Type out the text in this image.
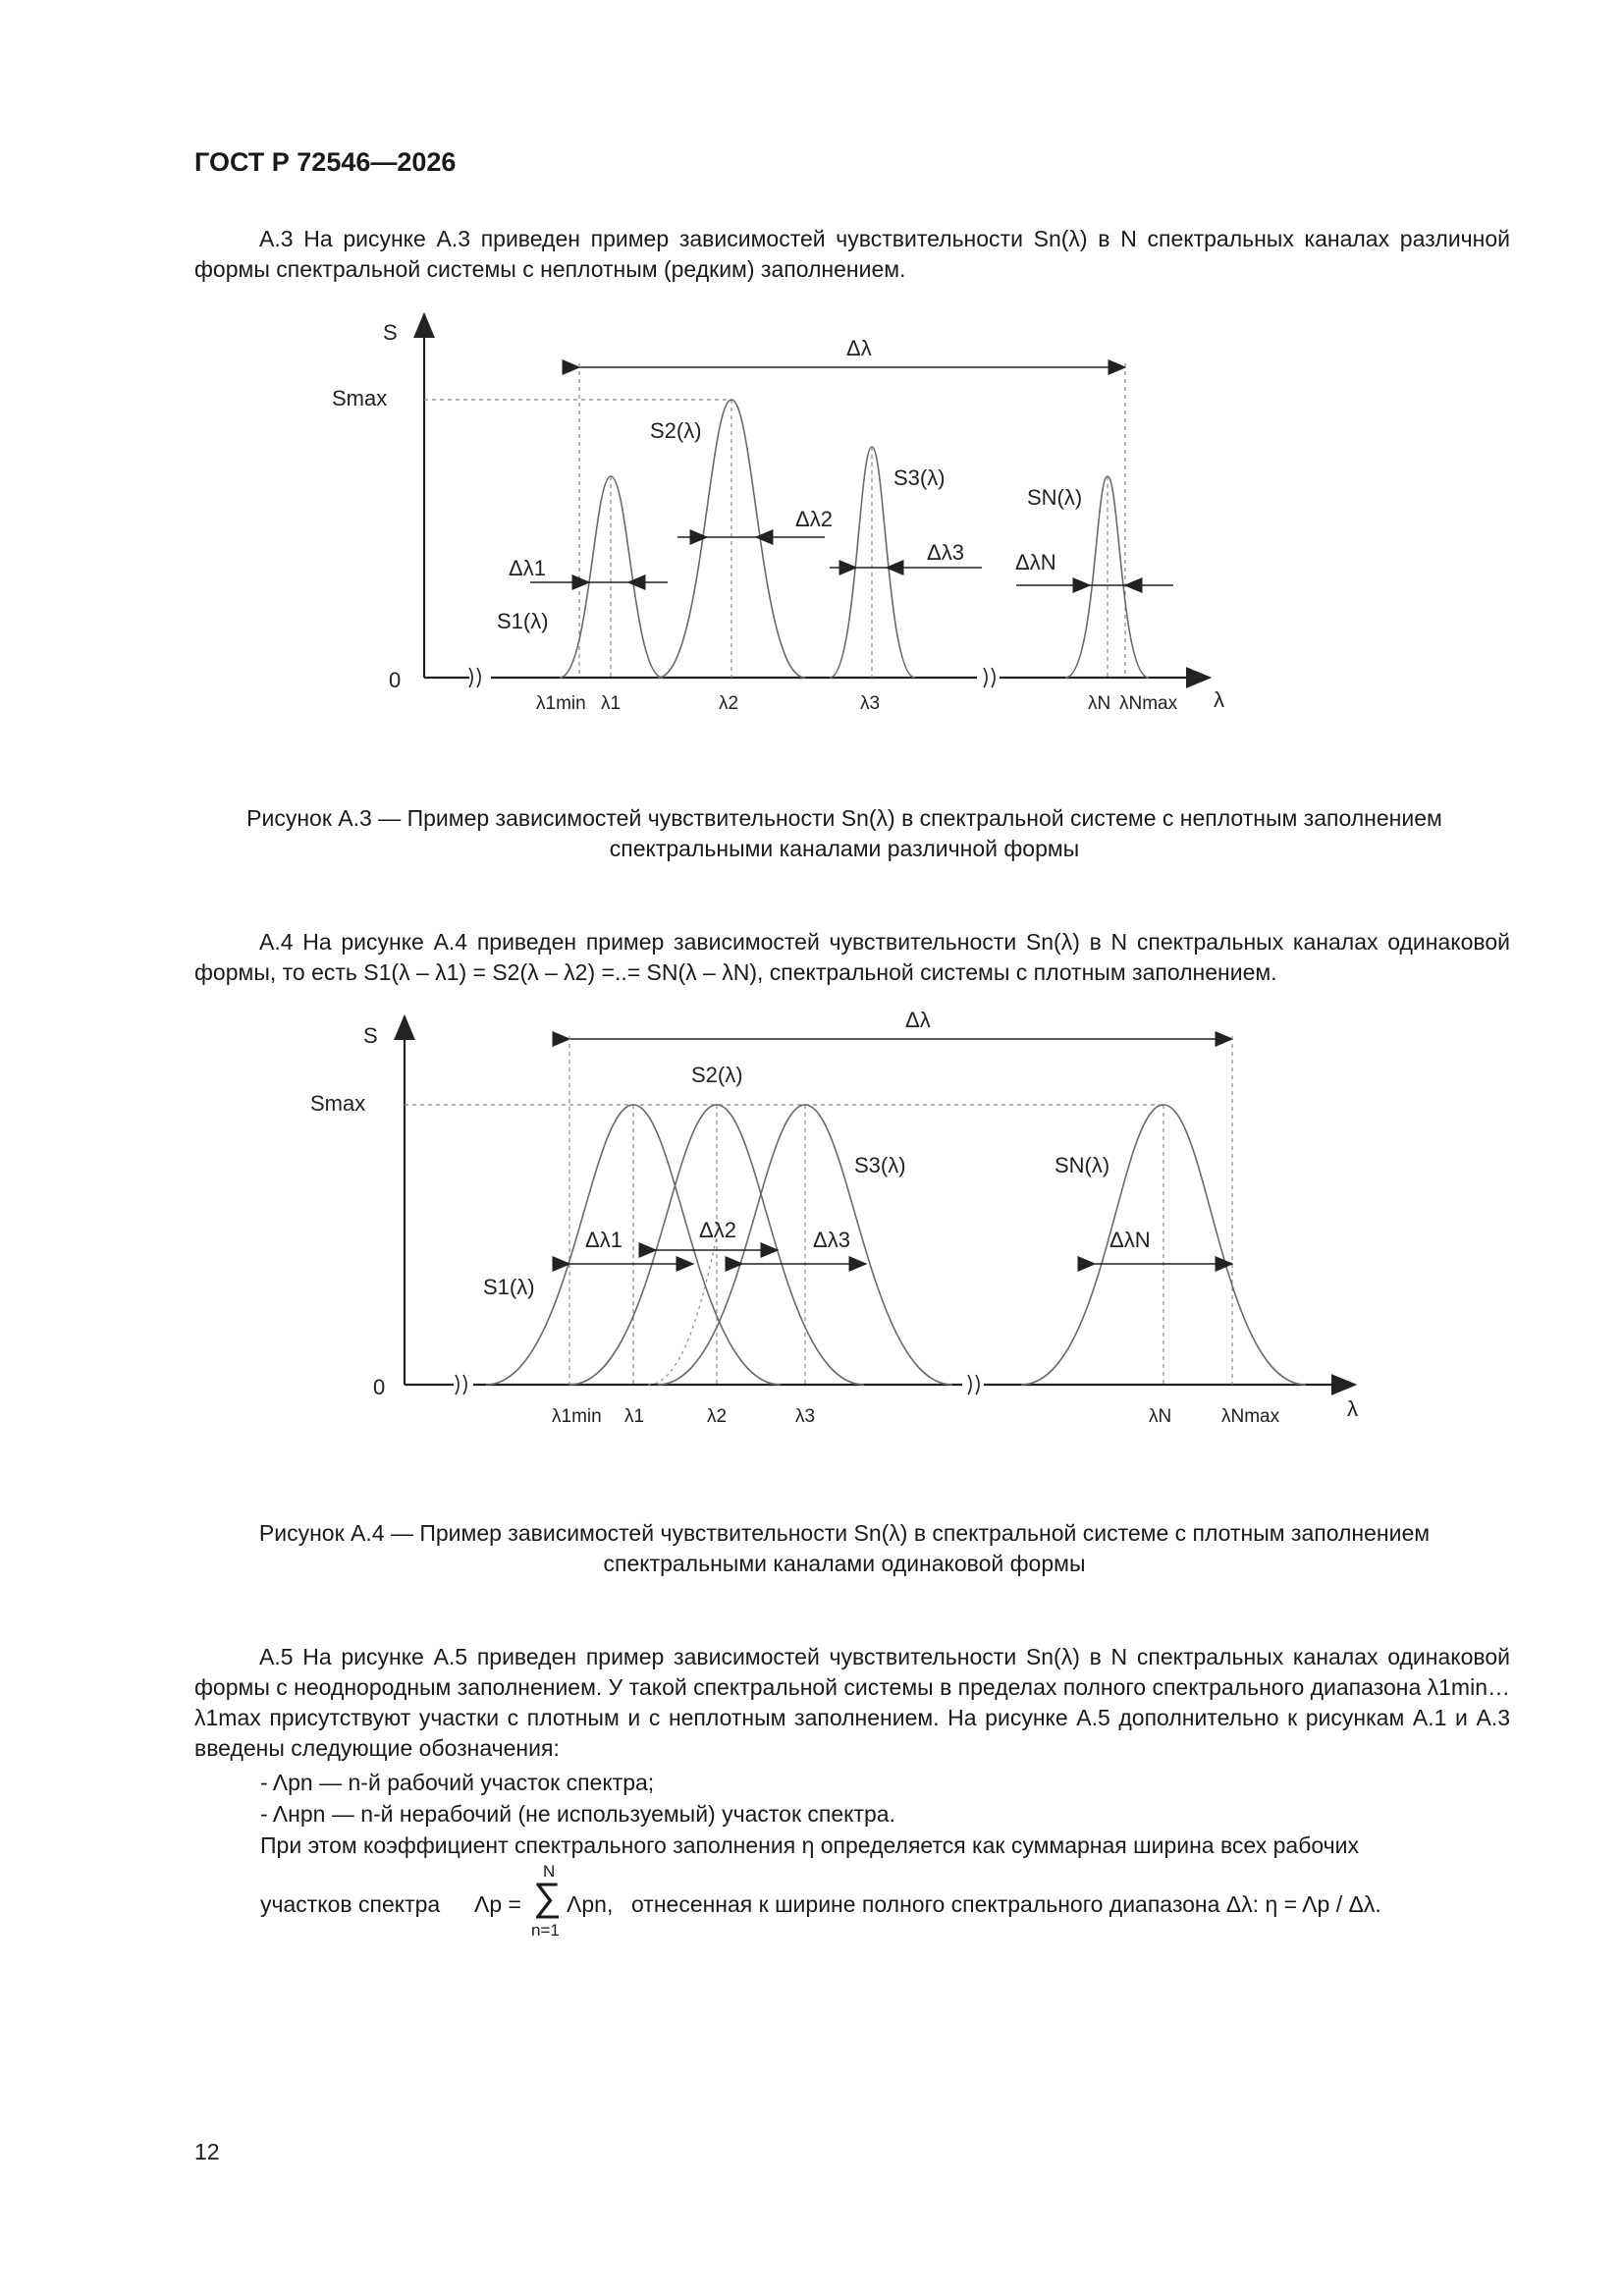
ГОСТ Р 72546—2026
А.3 На рисунке А.3 приведен пример зависимостей чувствительности Sn(λ) в N спектральных каналах различной формы спектральной системы с неплотным (редким) заполнением.
S
Smax
0
λ
Δλ
S1(λ)
S2(λ)
S3(λ)
SN(λ)
Δλ1
Δλ2
Δλ3 ΔλN
λ1min λ1	λ2	λ3	λN λNmax
Рисунок А.3 — Пример зависимостей чувствительности Sn(λ) в спектральной системе с неплотным заполнением
спектральными каналами различной формы
А.4 На рисунке А.4 приведен пример зависимостей чувствительности Sn(λ) в N спектральных каналах одинаковой формы, то есть S1(λ – λ1) = S2(λ – λ2) =..= SN(λ – λN), спектральной системы с плотным заполнением.
S
Smax
0
λ
Δλ
S1(λ)
S2(λ)
S3(λ)	SN(λ)
Δλ1	Δλ2	Δλ3	ΔλN
λ1min λ1	λ2	λ3	λN	λNmax
Рисунок А.4 — Пример зависимостей чувствительности Sn(λ) в спектральной системе с плотным заполнением
спектральными каналами одинаковой формы
А.5 На рисунке А.5 приведен пример зависимостей чувствительности Sn(λ) в N спектральных каналах одинаковой формы с неоднородным заполнением. У такой спектральной системы в пределах полного спектрального диапазона λ1min…λ1max присутствуют участки с плотным и с неплотным заполнением. На рисунке А.5 дополнительно к рисункам А.1 и А.3 введены следующие обозначения:
- Λpn — n-й рабочий участок спектра;
- Λнpn — n-й нерабочий (не используемый) участок спектра.
При этом коэффициент спектрального заполнения η определяется как суммарная ширина всех рабочих
участков спектра Λp =
N
∑
n=1
Λpn, отнесенная к ширине полного спектрального диапазона Δλ: η = Λp / Δλ.
12
